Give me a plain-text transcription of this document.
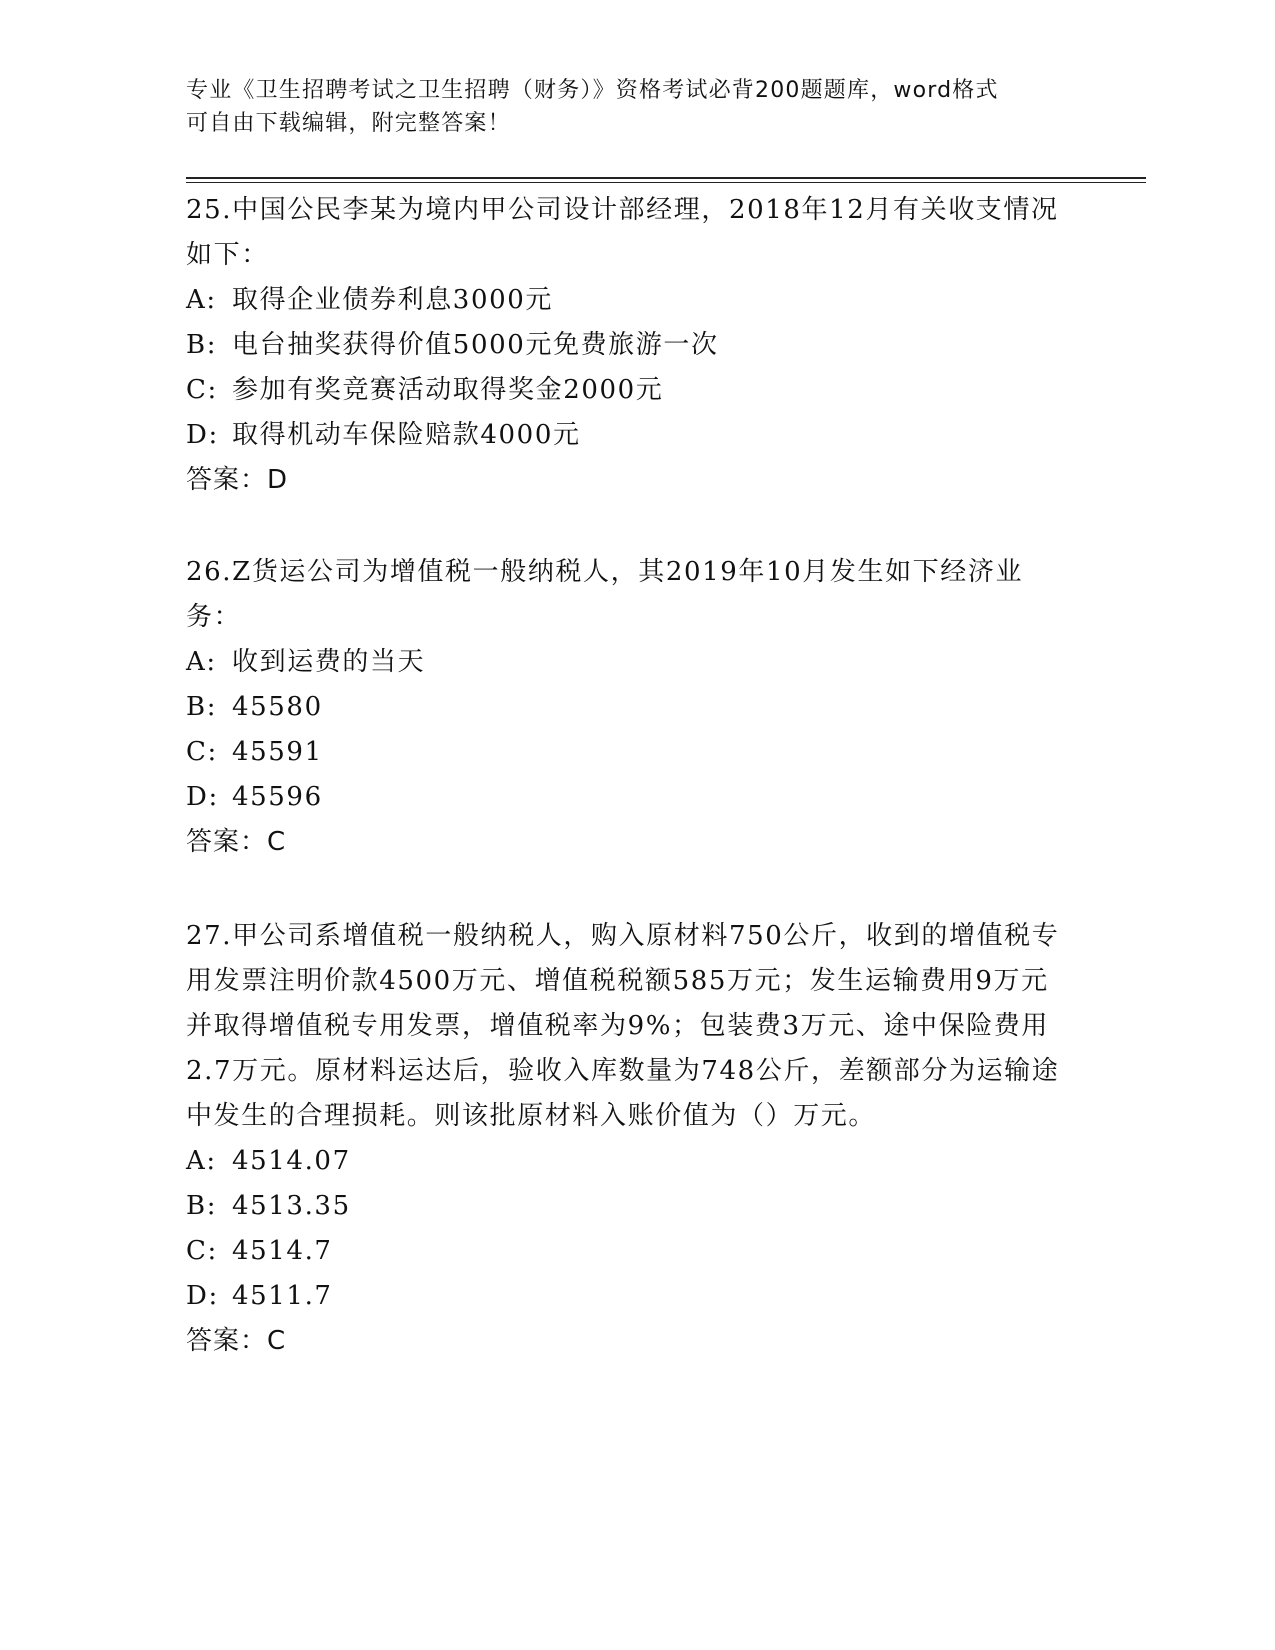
专业《卫生招聘考试之卫生招聘（财务）》资格考试必背200题题库，word格式
可自由下载编辑，附完整答案！
25.中国公民李某为境内甲公司设计部经理，2018年12月有关收支情况如下：
A: 取得企业债券利息3000元
B: 电台抽奖获得价值5000元免费旅游一次
C: 参加有奖竞赛活动取得奖金2000元
D: 取得机动车保险赔款4000元
答案：D
26.Z货运公司为增值税一般纳税人，其2019年10月发生如下经济业务：
A: 收到运费的当天
B: 45580
C: 45591
D: 45596
答案：C
27.甲公司系增值税一般纳税人，购入原材料750公斤，收到的增值税专用发票注明价款4500万元、增值税税额585万元；发生运输费用9万元并取得增值税专用发票，增值税率为9%；包装费3万元、途中保险费用2.7万元。原材料运达后，验收入库数量为748公斤，差额部分为运输途中发生的合理损耗。则该批原材料入账价值为（）万元。
A: 4514.07
B: 4513.35
C: 4514.7
D: 4511.7
答案：C
